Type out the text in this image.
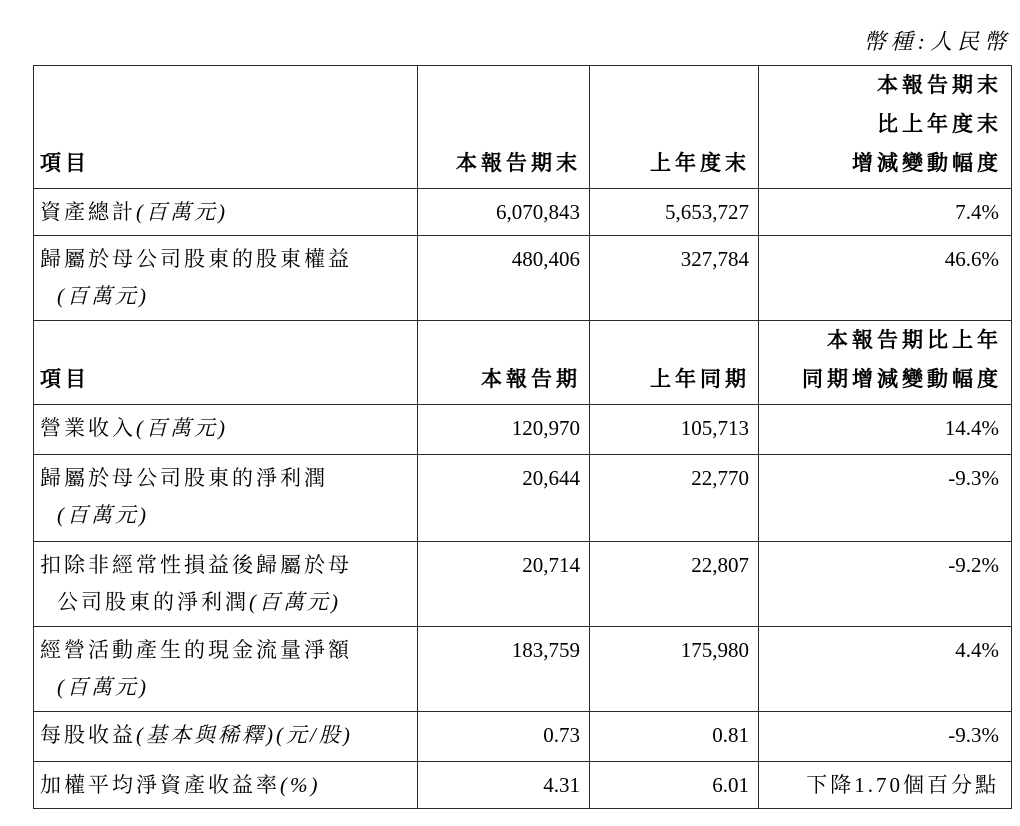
幣種:人民幣
項目	本報告期末	上年度末	本報告期末
比上年度末
增減變動幅度

資產總計(百萬元)	6,070,843	5,653,727	7.4%

歸屬於母公司股東的股東權益
(百萬元)	480,406	327,784	46.6%
項目	本報告期	上年同期	本報告期比上年
同期增減變動幅度

營業收入(百萬元)	120,970	105,713	14.4%

歸屬於母公司股東的淨利潤
(百萬元)	20,644	22,770	-9.3%

扣除非經常性損益後歸屬於母
公司股東的淨利潤(百萬元)	20,714	22,807	-9.2%

經營活動產生的現金流量淨額
(百萬元)	183,759	175,980	4.4%
每股收益(基本與稀釋)(元/股)	0.73	0.81	-9.3%
加權平均淨資產收益率(%)	4.31	6.01	下降1.70個百分點
